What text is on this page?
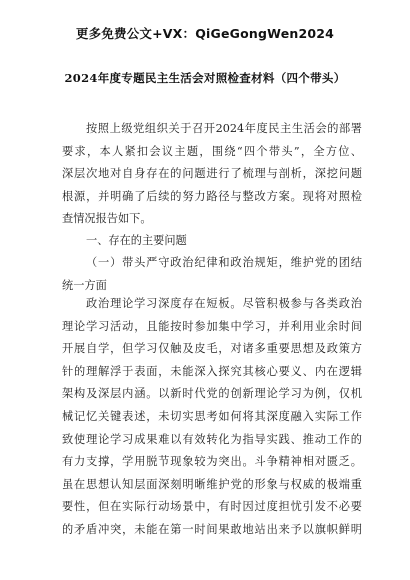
更多免费公文+VX：QiGeGongWen2024
2024年度专题民主生活会对照检查材料（四个带头）
按照上级党组织关于召开2024年度民主生活会的部署
要求，本人紧扣会议主题，围绕“四个带头”，全方位、
深层次地对自身存在的问题进行了梳理与剖析，深挖问题
根源，并明确了后续的努力路径与整改方案。现将对照检
查情况报告如下。
一、存在的主要问题
（一）带头严守政治纪律和政治规矩，维护党的团结
统一方面
政治理论学习深度存在短板。尽管积极参与各类政治
理论学习活动，且能按时参加集中学习，并利用业余时间
开展自学，但学习仅触及皮毛，对诸多重要思想及政策方
针的理解浮于表面，未能深入探究其核心要义、内在逻辑
架构及深层内涵。以新时代党的创新理论学习为例，仅机
械记忆关键表述，未切实思考如何将其深度融入实际工作
致使理论学习成果难以有效转化为指导实践、推动工作的
有力支撑，学用脱节现象较为突出。斗争精神相对匮乏。
虽在思想认知层面深刻明晰维护党的形象与权威的极端重
要性，但在实际行动场景中，有时因过度担忧引发不必要
的矛盾冲突，未能在第一时间果敢地站出来予以旗帜鲜明
